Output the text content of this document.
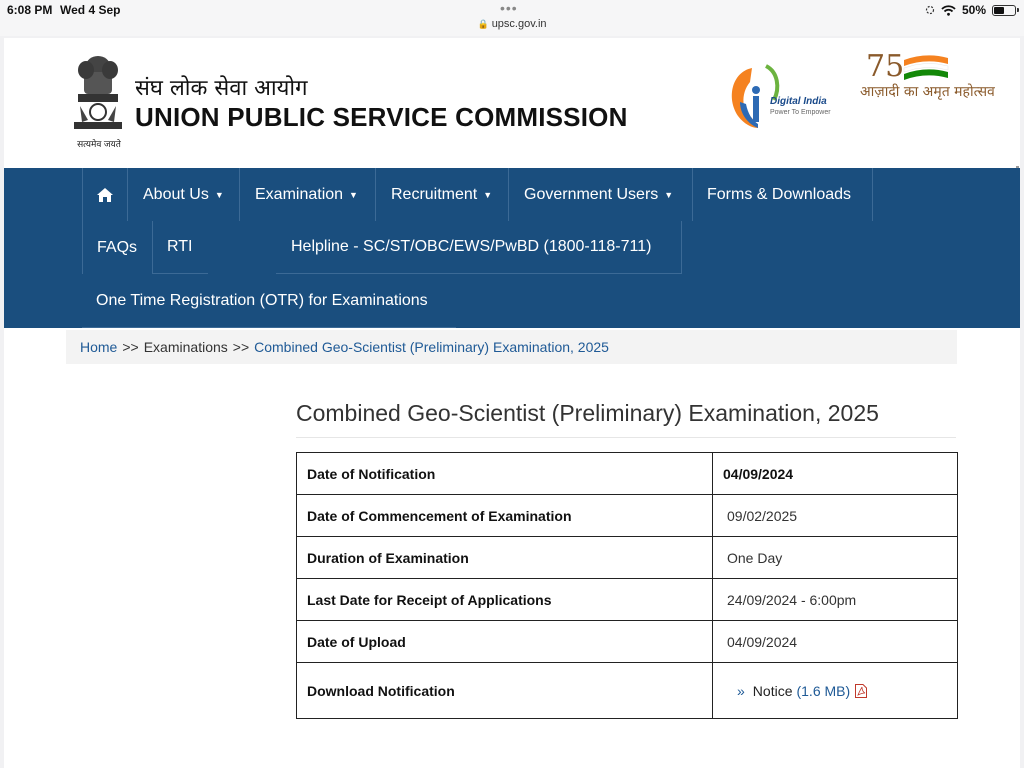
6:08 PM Wed 4 Sep	•••	50%
🔒 upsc.gov.in
सत्यमेव जयते
संघ लोक सेवा आयोग
UNION PUBLIC SERVICE COMMISSION
Digital India
Power To Empower
75
आज़ादी का अमृत महोत्सव
About Us ▼ Examination ▼ Recruitment ▼ Government Users ▼ Forms & Downloads
FAQs RTI	Helpline - SC/ST/OBC/EWS/PwBD (1800-118-711)
One Time Registration (OTR) for Examinations
Home >> Examinations >> Combined Geo-Scientist (Preliminary) Examination, 2025
Combined Geo-Scientist (Preliminary) Examination, 2025
Date of Notification	04/09/2024
Date of Commencement of Examination	09/02/2025
Duration of Examination	One Day
Last Date for Receipt of Applications	24/09/2024 - 6:00pm
Date of Upload	04/09/2024
Download Notification	» Notice (1.6 MB)
